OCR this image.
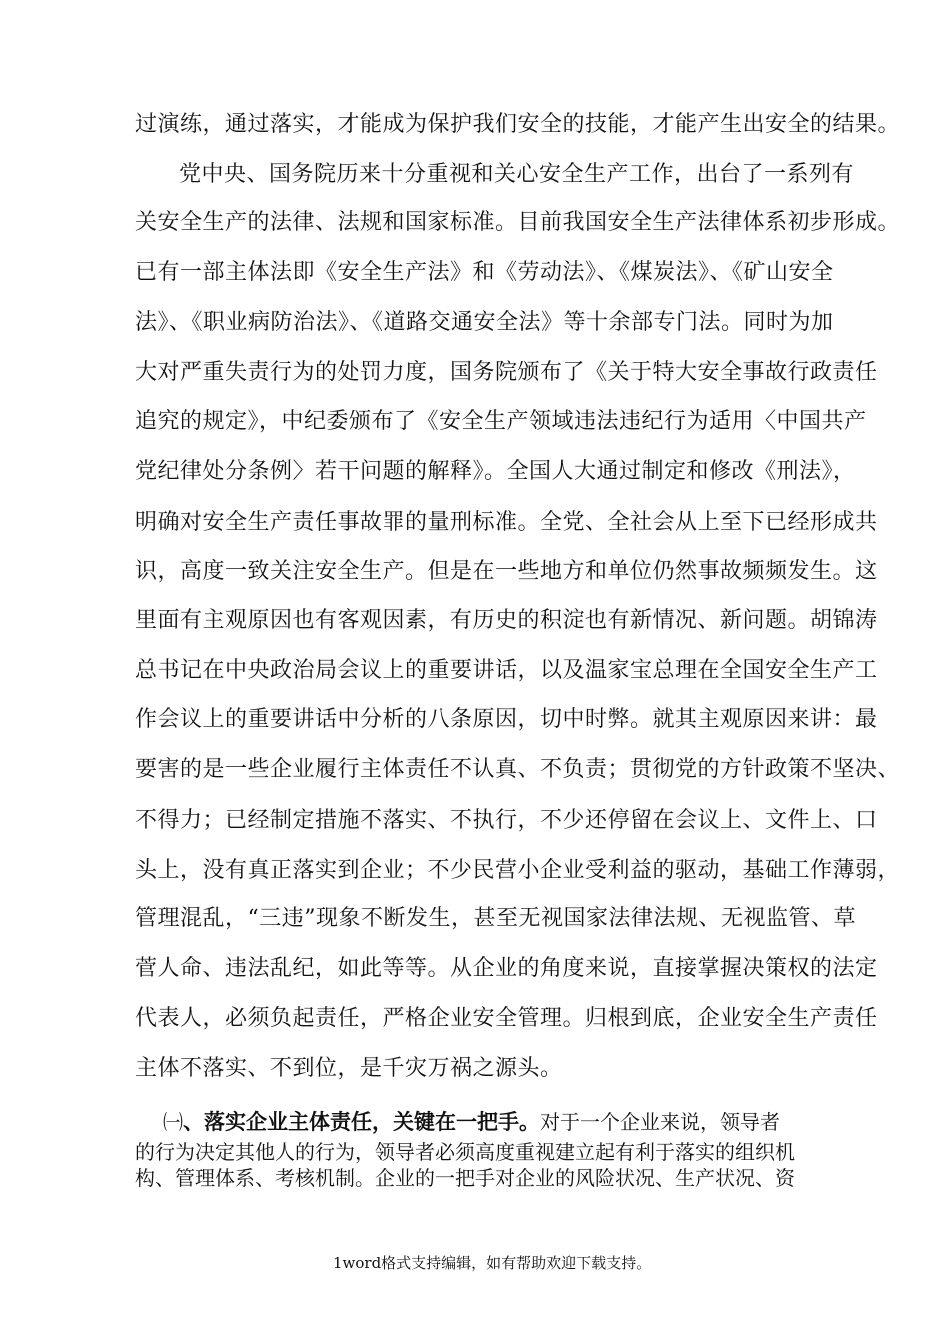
过演练，通过落实，才能成为保护我们安全的技能，才能产生出安全的结果。
党中央、国务院历来十分重视和关心安全生产工作，出台了一系列有
关安全生产的法律、法规和国家标准。目前我国安全生产法律体系初步形成。
已有一部主体法即《安全生产法》和《劳动法》、《煤炭法》、《矿山安全
法》、《职业病防治法》、《道路交通安全法》等十余部专门法。同时为加
大对严重失责行为的处罚力度，国务院颁布了《关于特大安全事故行政责任
追究的规定》，中纪委颁布了《安全生产领域违法违纪行为适用〈中国共产
党纪律处分条例〉若干问题的解释》。全国人大通过制定和修改《刑法》，
明确对安全生产责任事故罪的量刑标准。全党、全社会从上至下已经形成共
识，高度一致关注安全生产。但是在一些地方和单位仍然事故频频发生。这
里面有主观原因也有客观因素，有历史的积淀也有新情况、新问题。胡锦涛
总书记在中央政治局会议上的重要讲话，以及温家宝总理在全国安全生产工
作会议上的重要讲话中分析的八条原因，切中时弊。就其主观原因来讲：最
要害的是一些企业履行主体责任不认真、不负责；贯彻党的方针政策不坚决、
不得力；已经制定措施不落实、不执行，不少还停留在会议上、文件上、口
头上，没有真正落实到企业；不少民营小企业受利益的驱动，基础工作薄弱，
管理混乱，“三违”现象不断发生，甚至无视国家法律法规、无视监管、草
菅人命、违法乱纪，如此等等。从企业的角度来说，直接掌握决策权的法定
代表人，必须负起责任，严格企业安全管理。归根到底，企业安全生产责任
主体不落实、不到位，是千灾万祸之源头。
㈠、落实企业主体责任，关键在一把手。对于一个企业来说，领导者
的行为决定其他人的行为，领导者必须高度重视建立起有利于落实的组织机
构、管理体系、考核机制。企业的一把手对企业的风险状况、生产状况、资
1word格式支持编辑，如有帮助欢迎下载支持。
